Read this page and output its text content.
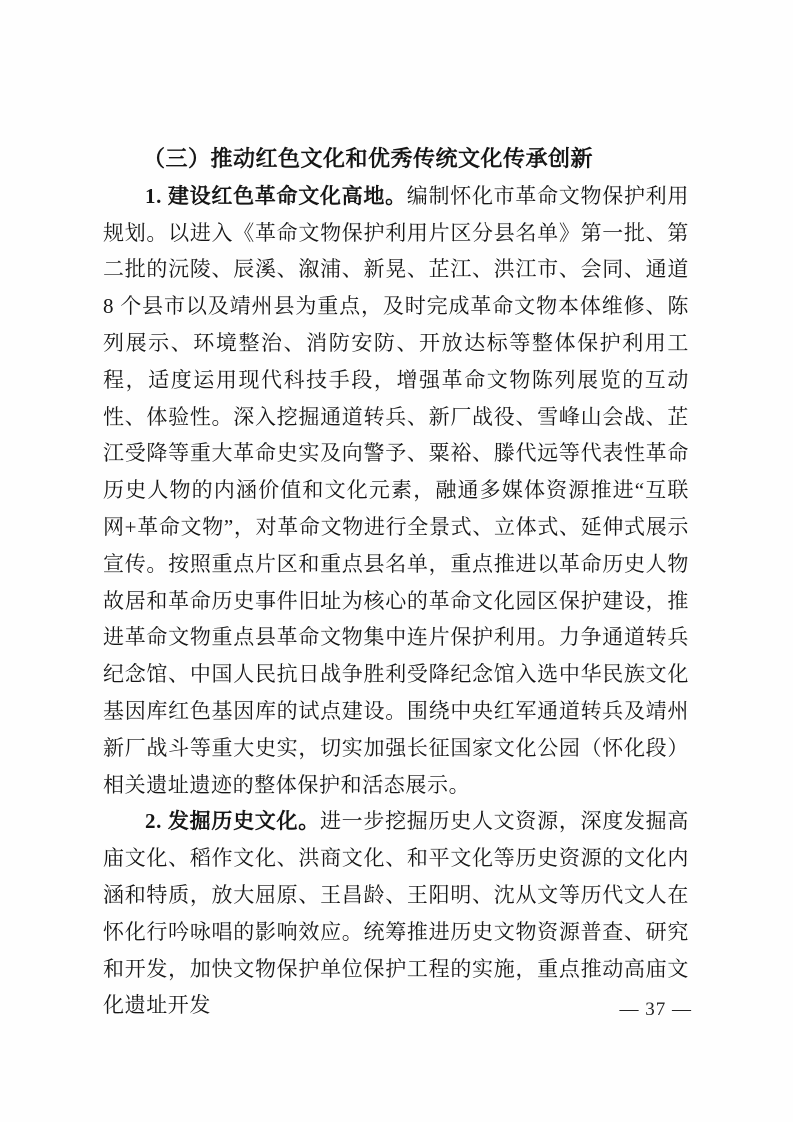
（三）推动红色文化和优秀传统文化传承创新

1. 建设红色革命文化高地。编制怀化市革命文物保护利用规划。以进入《革命文物保护利用片区分县名单》第一批、第二批的沅陵、辰溪、溆浦、新晃、芷江、洪江市、会同、通道 8 个县市以及靖州县为重点，及时完成革命文物本体维修、陈列展示、环境整治、消防安防、开放达标等整体保护利用工程，适度运用现代科技手段，增强革命文物陈列展览的互动性、体验性。深入挖掘通道转兵、新厂战役、雪峰山会战、芷江受降等重大革命史实及向警予、粟裕、滕代远等代表性革命历史人物的内涵价值和文化元素，融通多媒体资源推进“互联网+革命文物”，对革命文物进行全景式、立体式、延伸式展示宣传。按照重点片区和重点县名单，重点推进以革命历史人物故居和革命历史事件旧址为核心的革命文化园区保护建设，推进革命文物重点县革命文物集中连片保护利用。力争通道转兵纪念馆、中国人民抗日战争胜利受降纪念馆入选中华民族文化基因库红色基因库的试点建设。围绕中央红军通道转兵及靖州新厂战斗等重大史实，切实加强长征国家文化公园（怀化段）相关遗址遗迹的整体保护和活态展示。

2. 发掘历史文化。进一步挖掘历史人文资源，深度发掘高庙文化、稻作文化、洪商文化、和平文化等历史资源的文化内涵和特质，放大屈原、王昌龄、王阳明、沈从文等历代文人在怀化行吟咏唱的影响效应。统筹推进历史文物资源普查、研究和开发，加快文物保护单位保护工程的实施，重点推动高庙文化遗址开发	— 37 —
